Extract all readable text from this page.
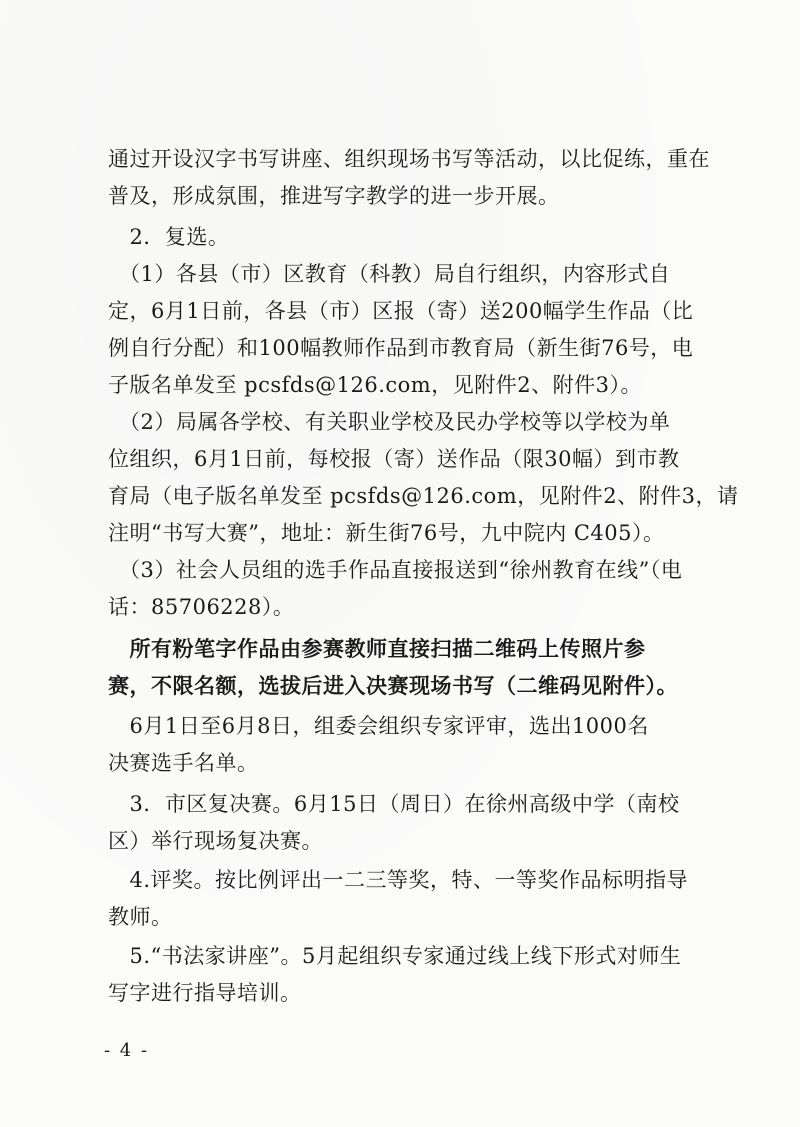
通过开设汉字书写讲座、组织现场书写等活动，以比促练，重在
普及，形成氛围，推进写字教学的进一步开展。
　2．复选。
　（1）各县（市）区教育（科教）局自行组织，内容形式自
定，6月1日前，各县（市）区报（寄）送200幅学生作品（比
例自行分配）和100幅教师作品到市教育局（新生街76号，电
子版名单发至 pcsfds@126.com，见附件2、附件3）。
　（2）局属各学校、有关职业学校及民办学校等以学校为单
位组织，6月1日前，每校报（寄）送作品（限30幅）到市教
育局（电子版名单发至 pcsfds@126.com，见附件2、附件3，请
注明“书写大赛”，地址：新生街76号，九中院内 C405）。
　（3）社会人员组的选手作品直接报送到“徐州教育在线”（电
话：85706228）。
　所有粉笔字作品由参赛教师直接扫描二维码上传照片参
赛，不限名额，选拔后进入决赛现场书写（二维码见附件）。
　6月1日至6月8日，组委会组织专家评审，选出1000名
决赛选手名单。
　3．市区复决赛。6月15日（周日）在徐州高级中学（南校
区）举行现场复决赛。
　4.评奖。按比例评出一二三等奖，特、一等奖作品标明指导
教师。
　5.“书法家讲座”。5月起组织专家通过线上线下形式对师生
写字进行指导培训。
- 4 -
